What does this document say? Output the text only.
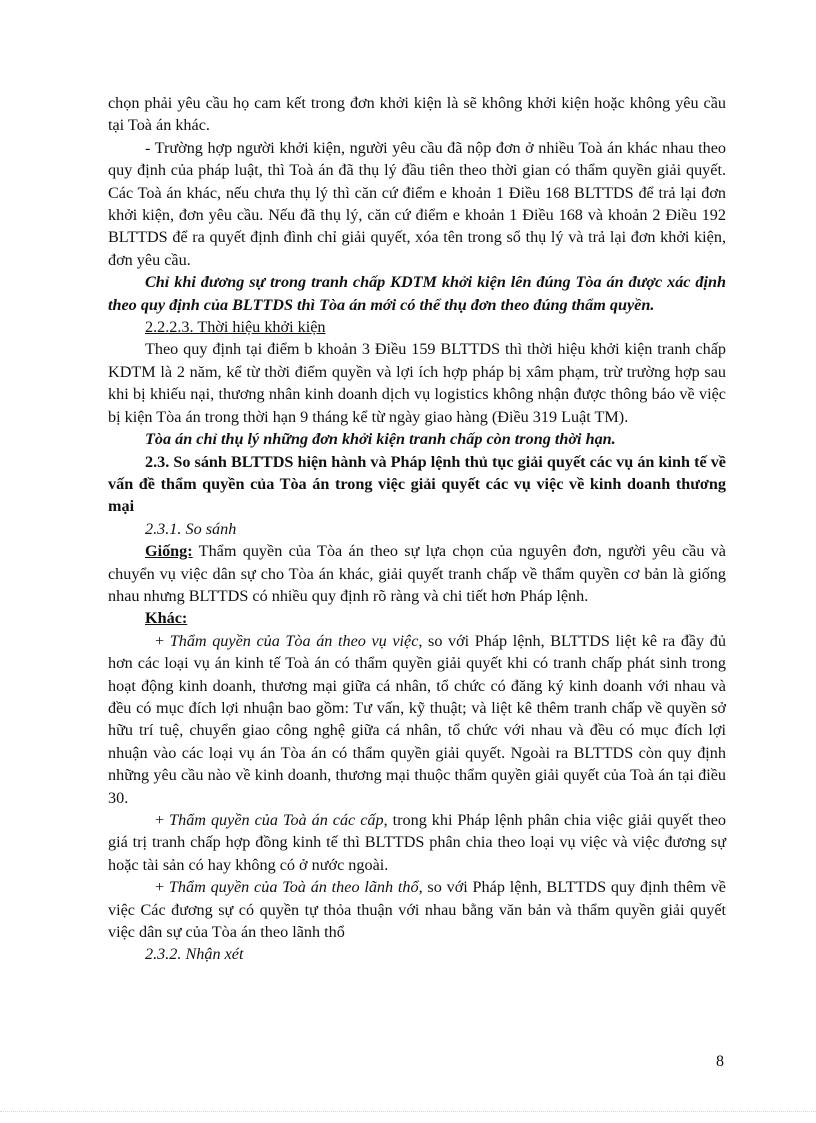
chọn phải yêu cầu họ cam kết trong đơn khởi kiện là sẽ không khởi kiện hoặc không yêu cầu tại Toà án khác.

- Trường hợp người khởi kiện, người yêu cầu đã nộp đơn ở nhiều Toà án khác nhau theo quy định của pháp luật, thì Toà án đã thụ lý đầu tiên theo thời gian có thẩm quyền giải quyết. Các Toà án khác, nếu chưa thụ lý thì căn cứ điểm e khoản 1 Điều 168 BLTTDS để trả lại đơn khởi kiện, đơn yêu cầu. Nếu đã thụ lý, căn cứ điểm e khoản 1 Điều 168 và khoản 2 Điều 192 BLTTDS để ra quyết định đình chỉ giải quyết, xóa tên trong sổ thụ lý và trả lại đơn khởi kiện, đơn yêu cầu.

Chỉ khi đương sự trong tranh chấp KDTM khởi kiện lên đúng Tòa án được xác định theo quy định của BLTTDS thì Tòa án mới có thể thụ đơn theo đúng thẩm quyền.

2.2.2.3. Thời hiệu khởi kiện

Theo quy định tại điểm b khoản 3 Điều 159 BLTTDS thì thời hiệu khởi kiện tranh chấp KDTM là 2 năm, kể từ thời điểm quyền và lợi ích hợp pháp bị xâm phạm, trừ trường hợp sau khi bị khiếu nại, thương nhân kinh doanh dịch vụ logistics không nhận được thông báo về việc bị kiện Tòa án trong thời hạn 9 tháng kể từ ngày giao hàng (Điều 319 Luật TM).

Tòa án chỉ thụ lý những đơn khởi kiện tranh chấp còn trong thời hạn.

2.3. So sánh BLTTDS hiện hành và Pháp lệnh thủ tục giải quyết các vụ án kinh tế về vấn đề thẩm quyền của Tòa án trong việc giải quyết các vụ việc về kinh doanh thương mại

2.3.1. So sánh

Giống: Thẩm quyền của Tòa án theo sự lựa chọn của nguyên đơn, người yêu cầu và chuyển vụ việc dân sự cho Tòa án khác, giải quyết tranh chấp về thẩm quyền cơ bản là giống nhau nhưng BLTTDS có nhiều quy định rõ ràng và chi tiết hơn Pháp lệnh.

Khác:

+ Thẩm quyền của Tòa án theo vụ việc, so với Pháp lệnh, BLTTDS liệt kê ra đầy đủ hơn các loại vụ án kinh tế Toà án có thẩm quyền giải quyết khi có tranh chấp phát sinh trong hoạt động kinh doanh, thương mại giữa cá nhân, tổ chức có đăng ký kinh doanh với nhau và đều có mục đích lợi nhuận bao gồm: Tư vấn, kỹ thuật; và liệt kê thêm tranh chấp về quyền sở hữu trí tuệ, chuyển giao công nghệ giữa cá nhân, tổ chức với nhau và đều có mục đích lợi nhuận vào các loại vụ án Tòa án có thẩm quyền giải quyết. Ngoài ra BLTTDS còn quy định những yêu cầu nào về kinh doanh, thương mại thuộc thẩm quyền giải quyết của Toà án tại điều 30.

+ Thẩm quyền của Toà án các cấp, trong khi Pháp lệnh phân chia việc giải quyết theo giá trị tranh chấp hợp đồng kinh tế thì BLTTDS phân chia theo loại vụ việc và việc đương sự hoặc tài sản có hay không có ở nước ngoài.

+ Thẩm quyền của Toà án theo lãnh thổ, so với Pháp lệnh, BLTTDS quy định thêm về việc Các đương sự có quyền tự thỏa thuận với nhau bằng văn bản và thẩm quyền giải quyết việc dân sự của Tòa án theo lãnh thổ

2.3.2. Nhận xét

8
